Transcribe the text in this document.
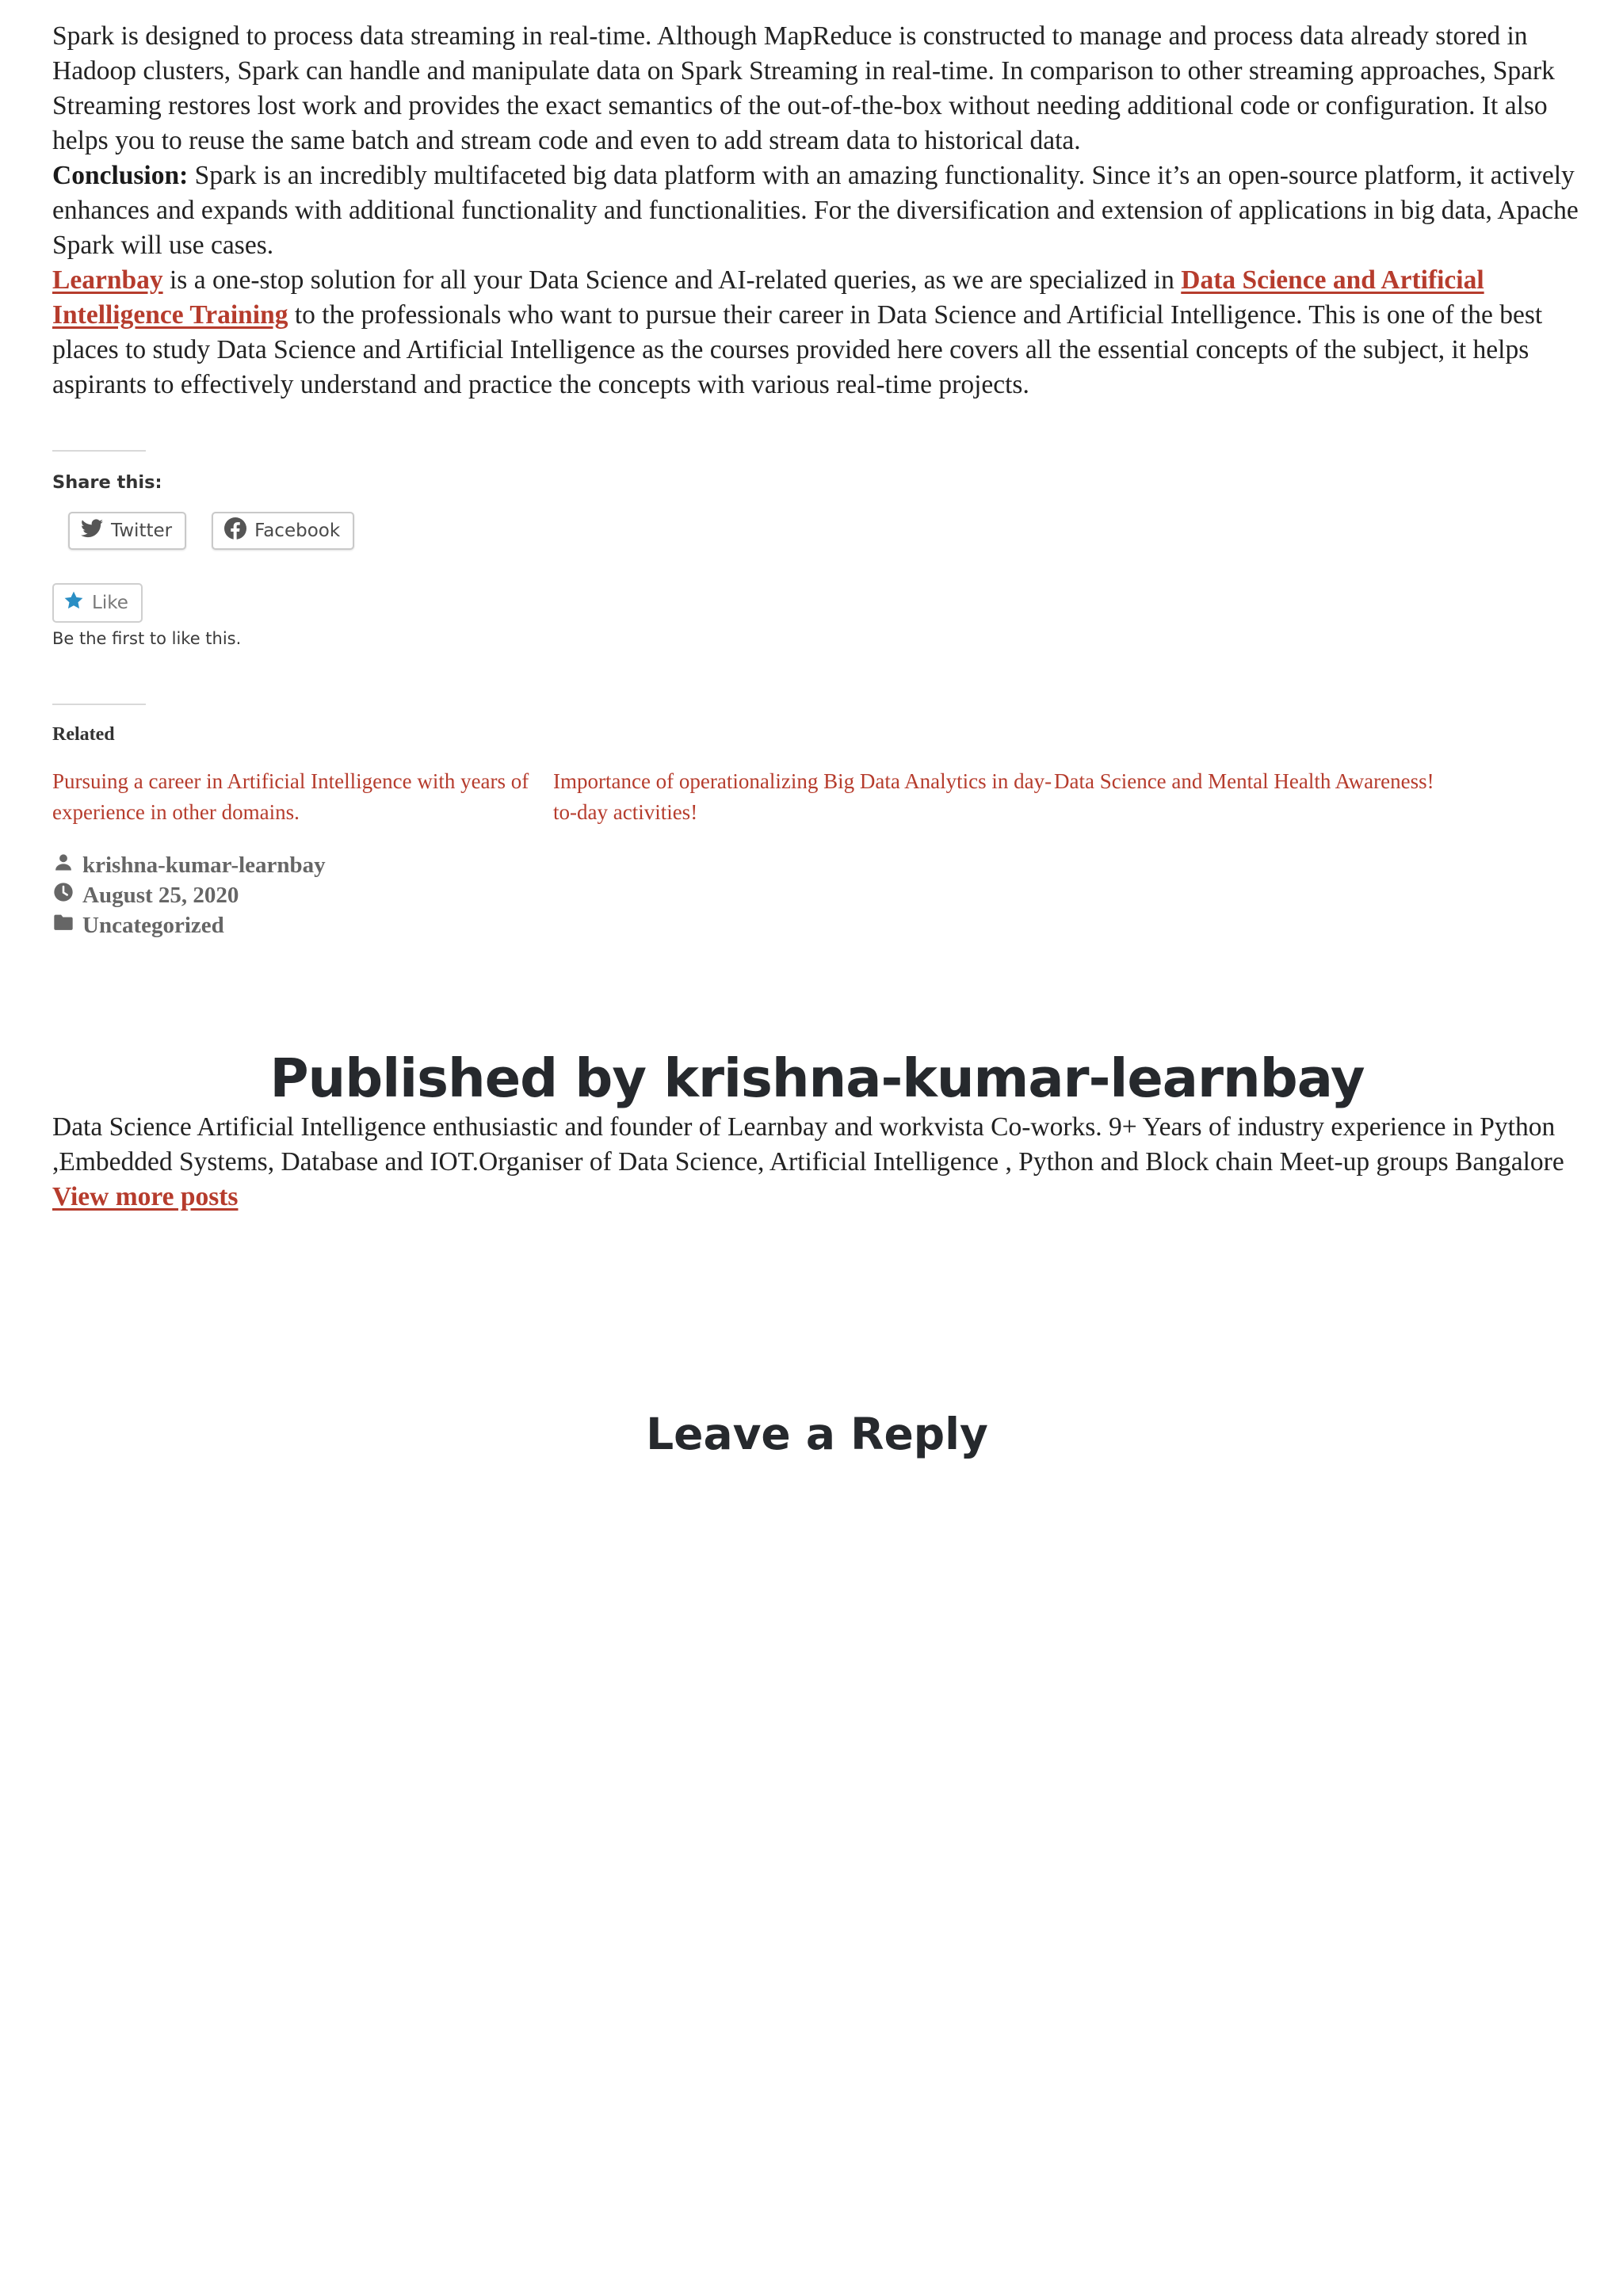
Spark is designed to process data streaming in real-time. Although MapReduce is constructed to manage and process data already stored in Hadoop clusters, Spark can handle and manipulate data on Spark Streaming in real-time. In comparison to other streaming approaches, Spark Streaming restores lost work and provides the exact semantics of the out-of-the-box without needing additional code or configuration. It also helps you to reuse the same batch and stream code and even to add stream data to historical data.

Conclusion: Spark is an incredibly multifaceted big data platform with an amazing functionality. Since it’s an open-source platform, it actively enhances and expands with additional functionality and functionalities. For the diversification and extension of applications in big data, Apache Spark will use cases.

Learnbay is a one-stop solution for all your Data Science and AI-related queries, as we are specialized in Data Science and Artificial Intelligence Training to the professionals who want to pursue their career in Data Science and Artificial Intelligence. This is one of the best places to study Data Science and Artificial Intelligence as the courses provided here covers all the essential concepts of the subject, it helps aspirants to effectively understand and practice the concepts with various real-time projects.

Share this:
Twitter	Facebook
Like
Be the first to like this.
Related
Pursuing a career in Artificial Intelligence with years of experience in other domains.
Importance of operationalizing Big Data Analytics in day-to-day activities!
Data Science and Mental Health Awareness!
krishna-kumar-learnbay
August 25, 2020
Uncategorized
Published by krishna-kumar-learnbay

Data Science Artificial Intelligence enthusiastic and founder of Learnbay and workvista Co-works. 9+ Years of industry experience in Python ,Embedded Systems, Database and IOT.Organiser of Data Science, Artificial Intelligence , Python and Block chain Meet-up groups Bangalore View more posts

Leave a Reply
